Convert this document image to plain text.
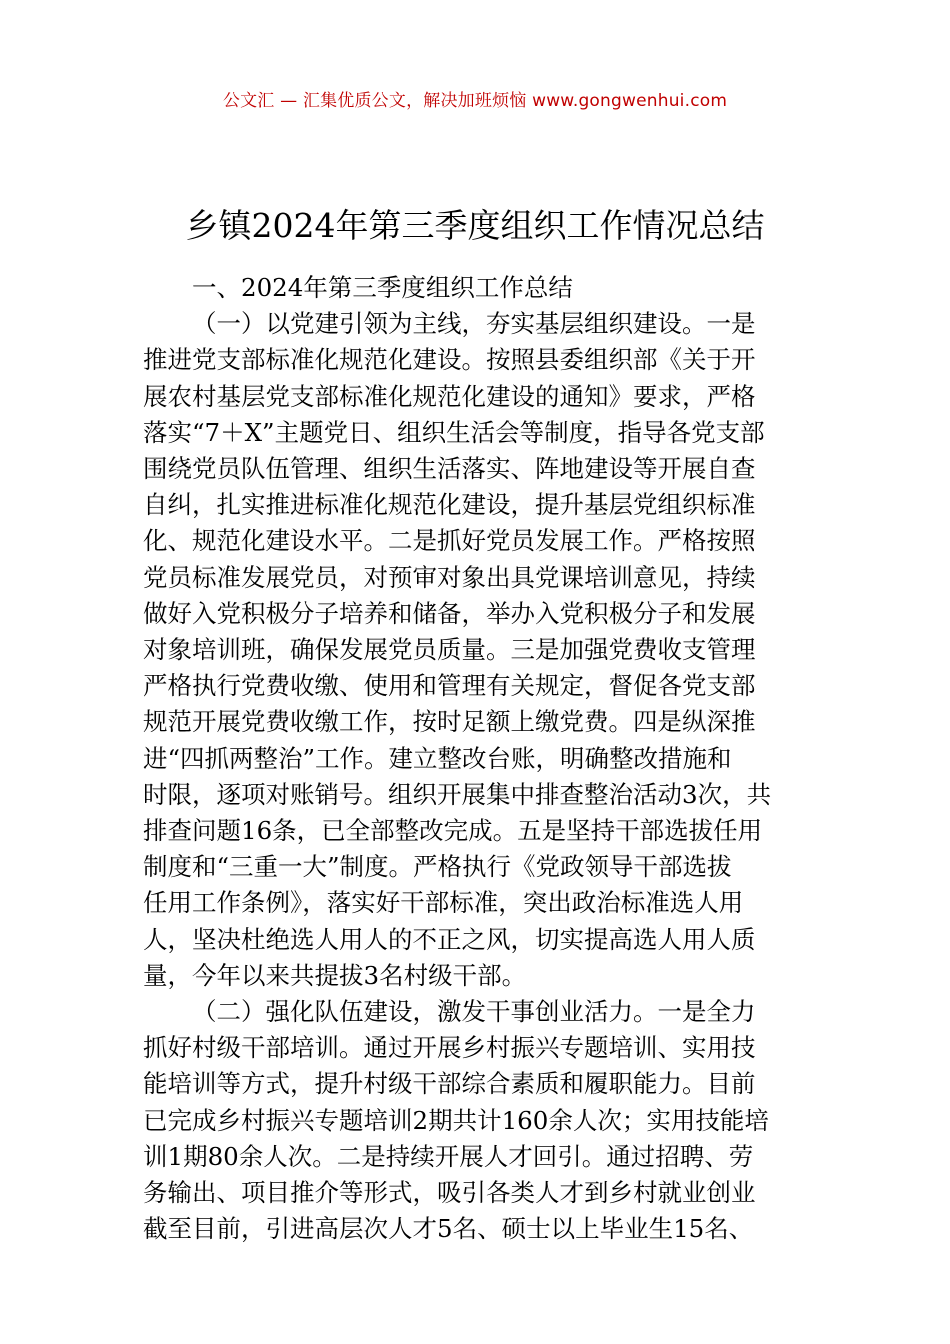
公文汇 — 汇集优质公文，解决加班烦恼 www.gongwenhui.com
乡镇2024年第三季度组织工作情况总结
一、2024年第三季度组织工作总结
（一）以党建引领为主线，夯实基层组织建设。一是
推进党支部标准化规范化建设。按照县委组织部《关于开
展农村基层党支部标准化规范化建设的通知》要求，严格
落实“7＋X”主题党日、组织生活会等制度，指导各党支部
围绕党员队伍管理、组织生活落实、阵地建设等开展自查
自纠，扎实推进标准化规范化建设，提升基层党组织标准
化、规范化建设水平。二是抓好党员发展工作。严格按照
党员标准发展党员，对预审对象出具党课培训意见，持续
做好入党积极分子培养和储备，举办入党积极分子和发展
对象培训班，确保发展党员质量。三是加强党费收支管理
严格执行党费收缴、使用和管理有关规定，督促各党支部
规范开展党费收缴工作，按时足额上缴党费。四是纵深推
进“四抓两整治”工作。建立整改台账，明确整改措施和
时限，逐项对账销号。组织开展集中排查整治活动3次，共
排查问题16条，已全部整改完成。五是坚持干部选拔任用
制度和“三重一大”制度。严格执行《党政领导干部选拔
任用工作条例》，落实好干部标准，突出政治标准选人用
人，坚决杜绝选人用人的不正之风，切实提高选人用人质
量，今年以来共提拔3名村级干部。
（二）强化队伍建设，激发干事创业活力。一是全力
抓好村级干部培训。通过开展乡村振兴专题培训、实用技
能培训等方式，提升村级干部综合素质和履职能力。目前
已完成乡村振兴专题培训2期共计160余人次；实用技能培
训1期80余人次。二是持续开展人才回引。通过招聘、劳
务输出、项目推介等形式，吸引各类人才到乡村就业创业
截至目前，引进高层次人才5名、硕士以上毕业生15名、
